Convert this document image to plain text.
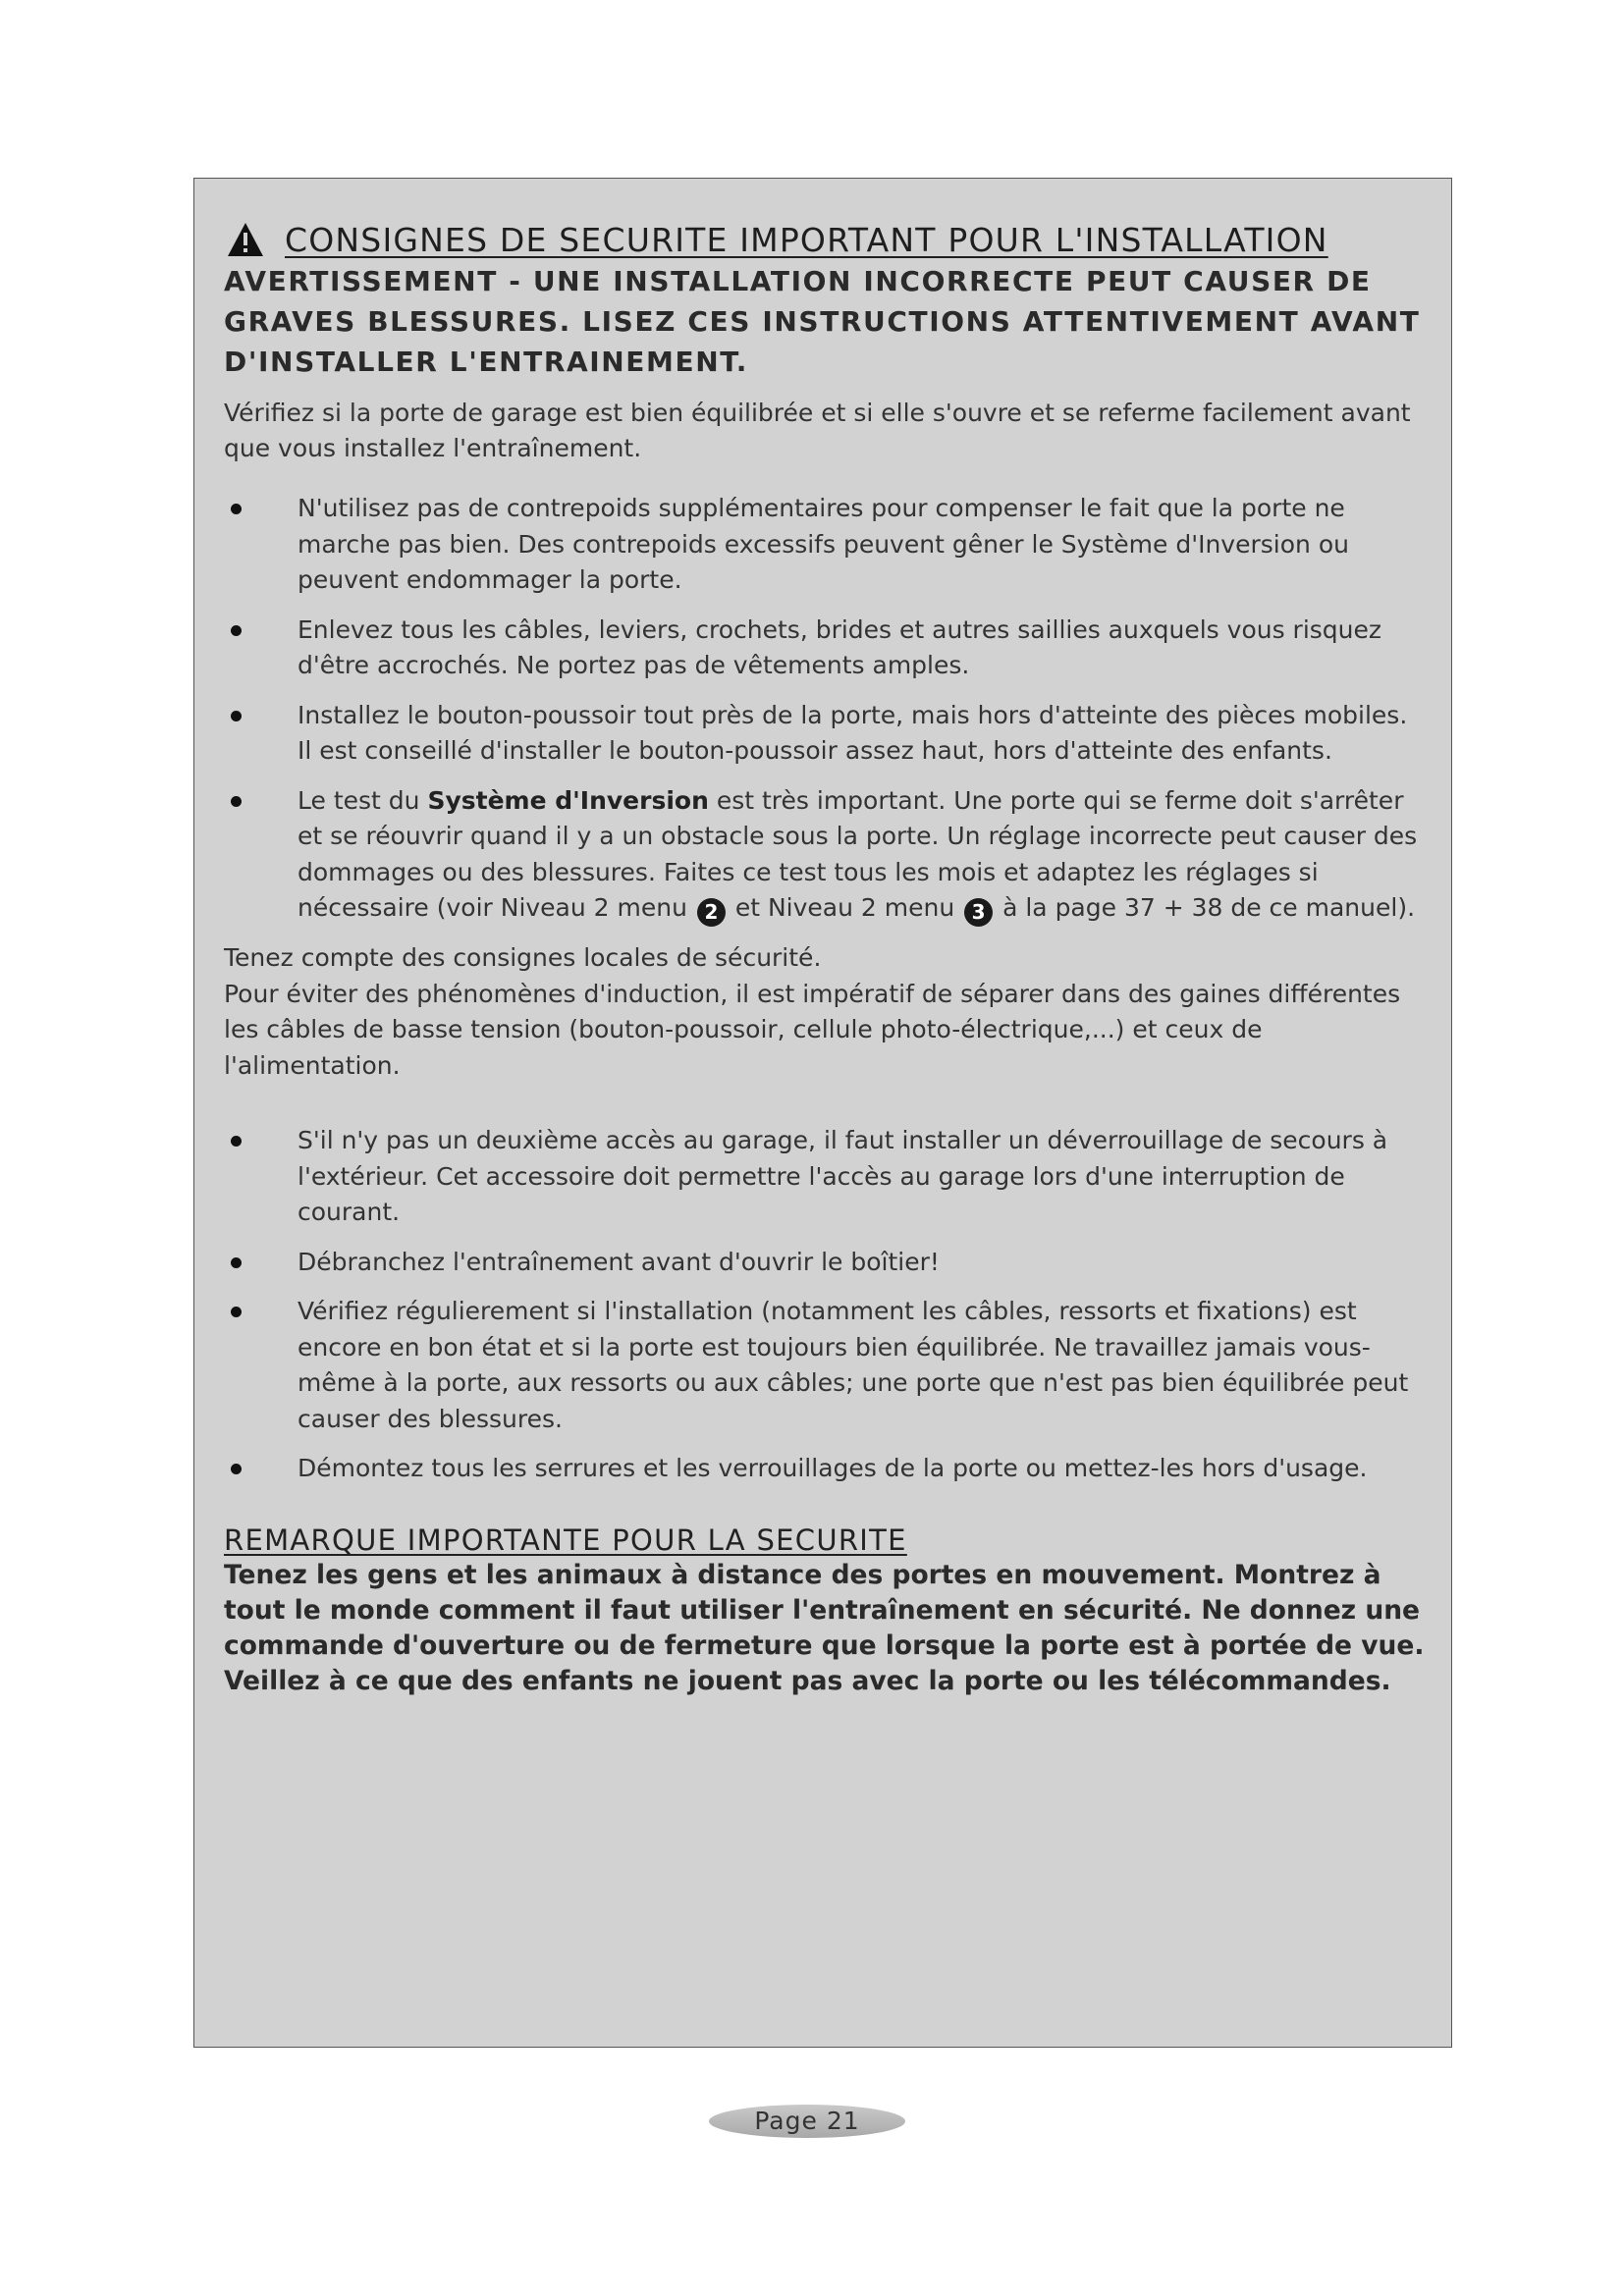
CONSIGNES DE SECURITE IMPORTANT POUR L'INSTALLATION
AVERTISSEMENT - UNE INSTALLATION INCORRECTE PEUT CAUSER DE GRAVES BLESSURES. LISEZ CES INSTRUCTIONS ATTENTIVEMENT AVANT D'INSTALLER L'ENTRAINEMENT.

Vérifiez si la porte de garage est bien équilibrée et si elle s'ouvre et se referme facilement avant que vous installez l'entraînement.

N'utilisez pas de contrepoids supplémentaires pour compenser le fait que la porte ne marche pas bien. Des contrepoids excessifs peuvent gêner le Système d'Inversion ou peuvent endommager la porte.
Enlevez tous les câbles, leviers, crochets, brides et autres saillies auxquels vous risquez d'être accrochés. Ne portez pas de vêtements amples.
Installez le bouton-poussoir tout près de la porte, mais hors d'atteinte des pièces mobiles. Il est conseillé d'installer le bouton-poussoir assez haut, hors d'atteinte des enfants.
Le test du Système d'Inversion est très important. Une porte qui se ferme doit s'arrêter et se réouvrir quand il y a un obstacle sous la porte. Un réglage incorrecte peut causer des dommages ou des blessures. Faites ce test tous les mois et adaptez les réglages si nécessaire (voir Niveau 2 menu 2 et Niveau 2 menu 3 à la page 37 + 38 de ce manuel).

Tenez compte des consignes locales de sécurité.

Pour éviter des phénomènes d'induction, il est impératif de séparer dans des gaines différentes les câbles de basse tension (bouton-poussoir, cellule photo-électrique,...) et ceux de l'alimentation.

S'il n'y pas un deuxième accès au garage, il faut installer un déverrouillage de secours à l'extérieur. Cet accessoire doit permettre l'accès au garage lors d'une interruption de courant.
Débranchez l'entraînement avant d'ouvrir le boîtier!
Vérifiez régulierement si l'installation (notamment les câbles, ressorts et fixations) est encore en bon état et si la porte est toujours bien équilibrée. Ne travaillez jamais vous-même à la porte, aux ressorts ou aux câbles; une porte que n'est pas bien équilibrée peut causer des blessures.
Démontez tous les serrures et les verrouillages de la porte ou mettez-les hors d'usage.
REMARQUE IMPORTANTE POUR LA SECURITE
Tenez les gens et les animaux à distance des portes en mouvement. Montrez à tout le monde comment il faut utiliser l'entraînement en sécurité. Ne donnez une commande d'ouverture ou de fermeture que lorsque la porte est à portée de vue. Veillez à ce que des enfants ne jouent pas avec la porte ou les télécommandes.
Page 21
